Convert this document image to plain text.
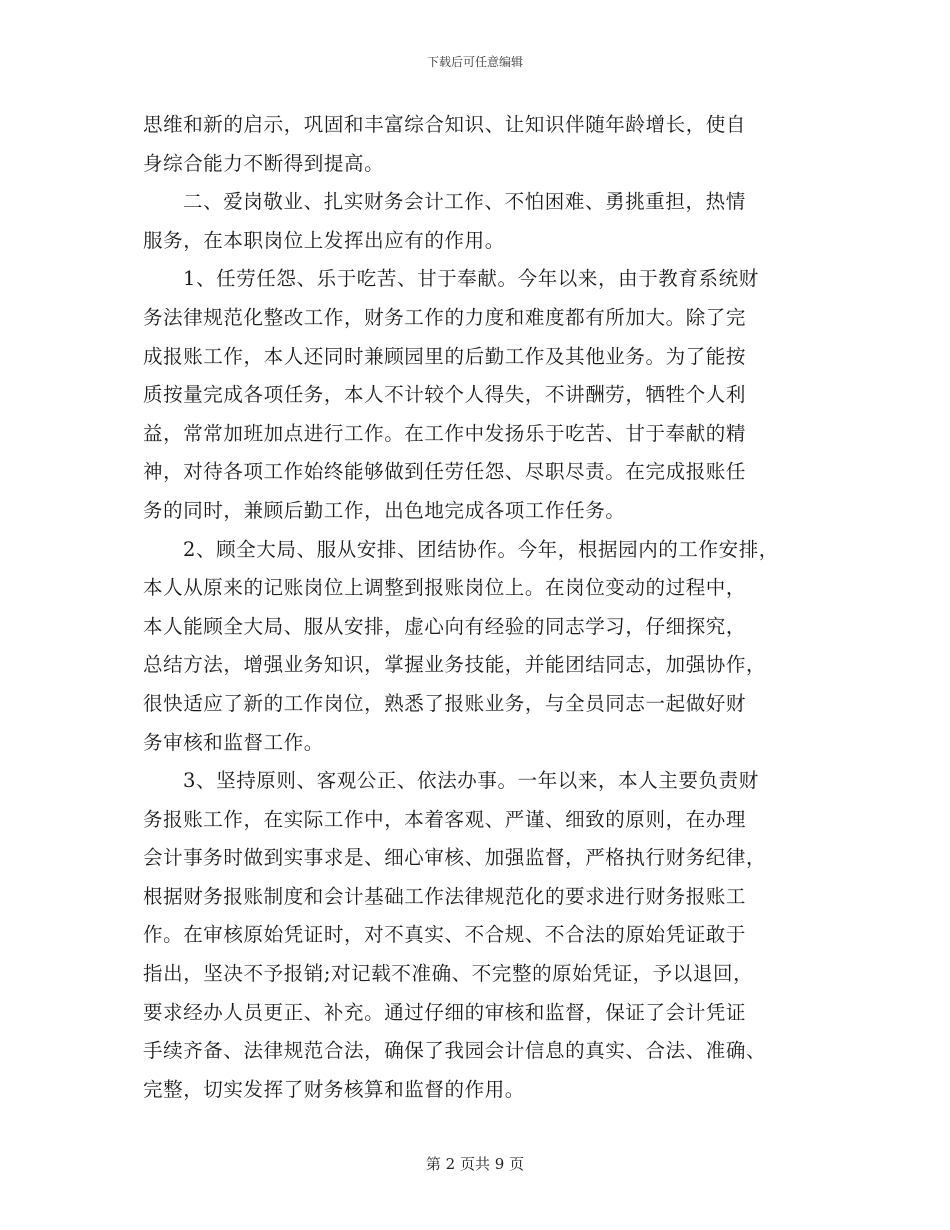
下载后可任意编辑
思维和新的启示，巩固和丰富综合知识、让知识伴随年龄增长，使自
身综合能力不断得到提高。
二、爱岗敬业、扎实财务会计工作、不怕困难、勇挑重担，热情
服务，在本职岗位上发挥出应有的作用。
1、任劳任怨、乐于吃苦、甘于奉献。今年以来，由于教育系统财
务法律规范化整改工作，财务工作的力度和难度都有所加大。除了完
成报账工作，本人还同时兼顾园里的后勤工作及其他业务。为了能按
质按量完成各项任务，本人不计较个人得失，不讲酬劳，牺牲个人利
益，常常加班加点进行工作。在工作中发扬乐于吃苦、甘于奉献的精
神，对待各项工作始终能够做到任劳任怨、尽职尽责。在完成报账任
务的同时，兼顾后勤工作，出色地完成各项工作任务。
2、顾全大局、服从安排、团结协作。今年，根据园内的工作安排，
本人从原来的记账岗位上调整到报账岗位上。在岗位变动的过程中，
本人能顾全大局、服从安排，虚心向有经验的同志学习，仔细探究，
总结方法，增强业务知识，掌握业务技能，并能团结同志，加强协作，
很快适应了新的工作岗位，熟悉了报账业务，与全员同志一起做好财
务审核和监督工作。
3、坚持原则、客观公正、依法办事。一年以来，本人主要负责财
务报账工作，在实际工作中，本着客观、严谨、细致的原则，在办理
会计事务时做到实事求是、细心审核、加强监督，严格执行财务纪律，
根据财务报账制度和会计基础工作法律规范化的要求进行财务报账工
作。在审核原始凭证时，对不真实、不合规、不合法的原始凭证敢于
指出，坚决不予报销;对记载不准确、不完整的原始凭证，予以退回，
要求经办人员更正、补充。通过仔细的审核和监督，保证了会计凭证
手续齐备、法律规范合法，确保了我园会计信息的真实、合法、准确、
完整，切实发挥了财务核算和监督的作用。
第 2 页共 9 页
